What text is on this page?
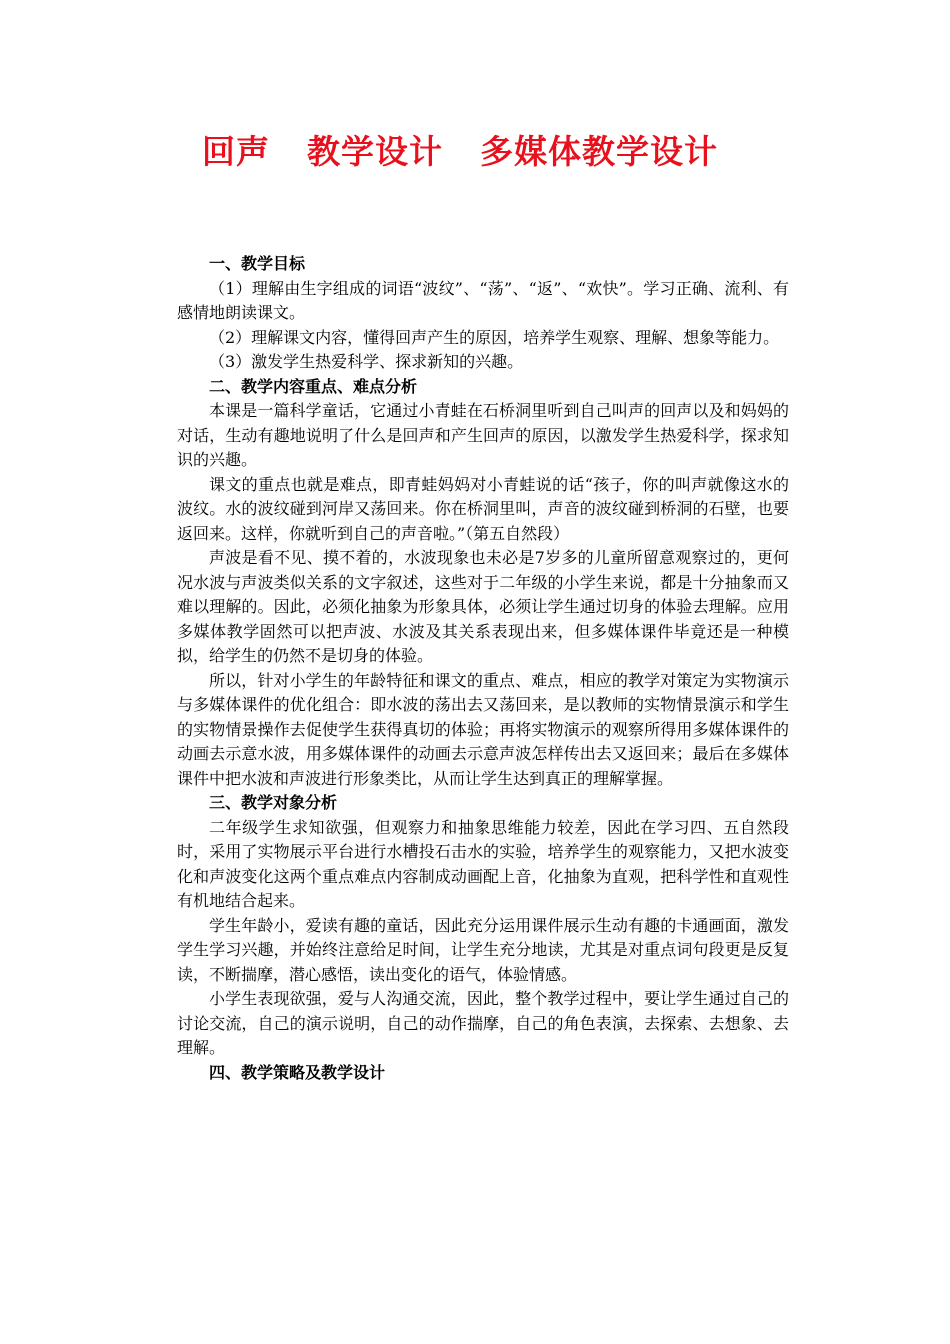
回声  教学设计  多媒体教学设计
一、教学目标

（1）理解由生字组成的词语“波纹”、“荡”、“返”、“欢快”。学习正确、流利、有感情地朗读课文。

（2）理解课文内容，懂得回声产生的原因，培养学生观察、理解、想象等能力。

（3）激发学生热爱科学、探求新知的兴趣。

二、教学内容重点、难点分析

本课是一篇科学童话，它通过小青蛙在石桥洞里听到自己叫声的回声以及和妈妈的对话，生动有趣地说明了什么是回声和产生回声的原因，以激发学生热爱科学，探求知识的兴趣。

课文的重点也就是难点，即青蛙妈妈对小青蛙说的话“孩子，你的叫声就像这水的波纹。水的波纹碰到河岸又荡回来。你在桥洞里叫，声音的波纹碰到桥洞的石壁，也要返回来。这样，你就听到自己的声音啦。”（第五自然段）

声波是看不见、摸不着的，水波现象也未必是7岁多的儿童所留意观察过的，更何况水波与声波类似关系的文字叙述，这些对于二年级的小学生来说，都是十分抽象而又难以理解的。因此，必须化抽象为形象具体，必须让学生通过切身的体验去理解。应用多媒体教学固然可以把声波、水波及其关系表现出来，但多媒体课件毕竟还是一种模拟，给学生的仍然不是切身的体验。

所以，针对小学生的年龄特征和课文的重点、难点，相应的教学对策定为实物演示与多媒体课件的优化组合：即水波的荡出去又荡回来，是以教师的实物情景演示和学生的实物情景操作去促使学生获得真切的体验；再将实物演示的观察所得用多媒体课件的动画去示意水波，用多媒体课件的动画去示意声波怎样传出去又返回来；最后在多媒体课件中把水波和声波进行形象类比，从而让学生达到真正的理解掌握。

三、教学对象分析

二年级学生求知欲强，但观察力和抽象思维能力较差，因此在学习四、五自然段时，采用了实物展示平台进行水槽投石击水的实验，培养学生的观察能力，又把水波变化和声波变化这两个重点难点内容制成动画配上音，化抽象为直观，把科学性和直观性有机地结合起来。

学生年龄小，爱读有趣的童话，因此充分运用课件展示生动有趣的卡通画面，激发学生学习兴趣，并始终注意给足时间，让学生充分地读，尤其是对重点词句段更是反复读，不断揣摩，潜心感悟，读出变化的语气，体验情感。

小学生表现欲强，爱与人沟通交流，因此，整个教学过程中，要让学生通过自己的讨论交流，自己的演示说明，自己的动作揣摩，自己的角色表演，去探索、去想象、去理解。

四、教学策略及教学设计
